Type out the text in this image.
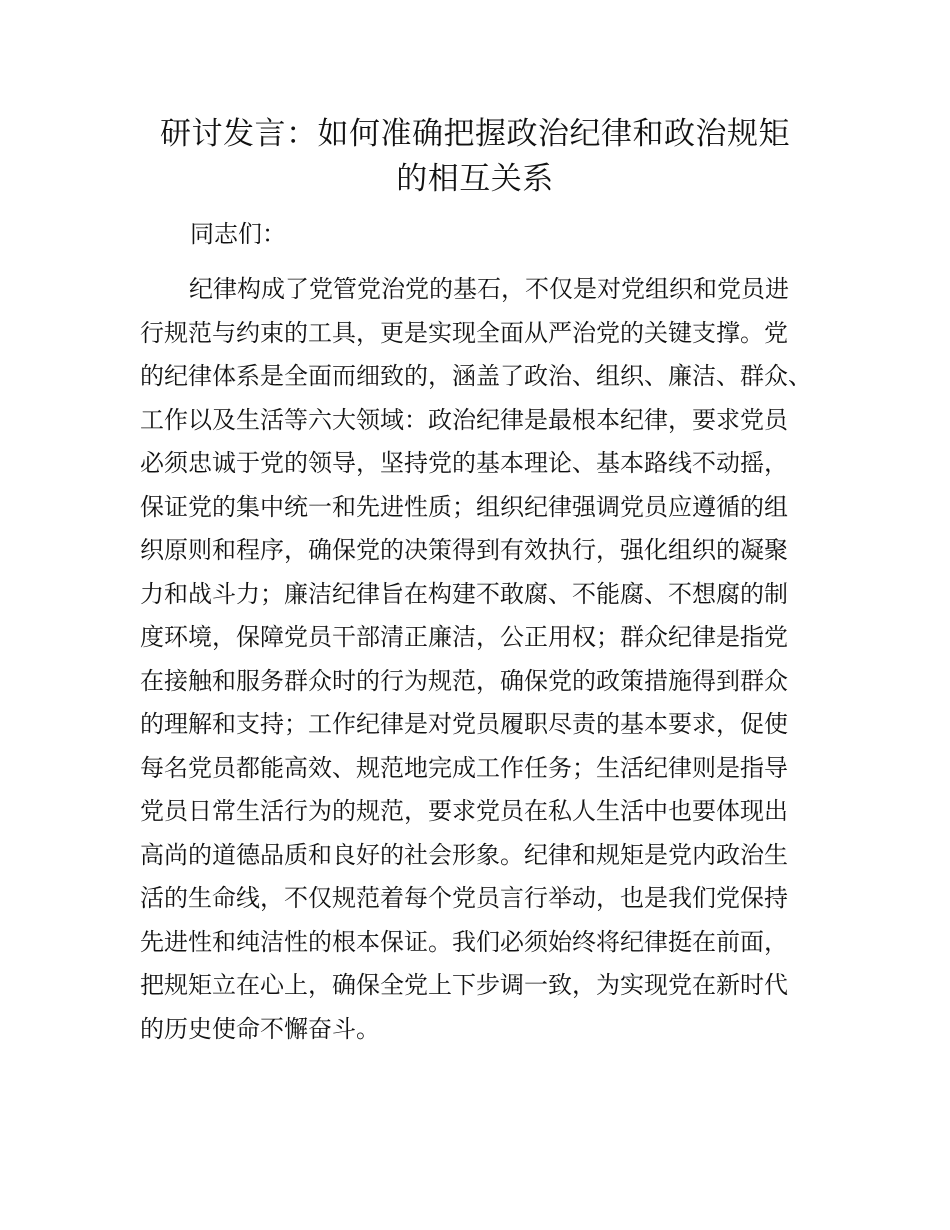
研讨发言：如何准确把握政治纪律和政治规矩
的相互关系

同志们：

纪律构成了党管党治党的基石，不仅是对党组织和党员进
行规范与约束的工具，更是实现全面从严治党的关键支撑。党
的纪律体系是全面而细致的，涵盖了政治、组织、廉洁、群众、
工作以及生活等六大领域：政治纪律是最根本纪律，要求党员
必须忠诚于党的领导，坚持党的基本理论、基本路线不动摇，
保证党的集中统一和先进性质；组织纪律强调党员应遵循的组
织原则和程序，确保党的决策得到有效执行，强化组织的凝聚
力和战斗力；廉洁纪律旨在构建不敢腐、不能腐、不想腐的制
度环境，保障党员干部清正廉洁，公正用权；群众纪律是指党
在接触和服务群众时的行为规范，确保党的政策措施得到群众
的理解和支持；工作纪律是对党员履职尽责的基本要求，促使
每名党员都能高效、规范地完成工作任务；生活纪律则是指导
党员日常生活行为的规范，要求党员在私人生活中也要体现出
高尚的道德品质和良好的社会形象。纪律和规矩是党内政治生
活的生命线，不仅规范着每个党员言行举动，也是我们党保持
先进性和纯洁性的根本保证。我们必须始终将纪律挺在前面，
把规矩立在心上，确保全党上下步调一致，为实现党在新时代
的历史使命不懈奋斗。
